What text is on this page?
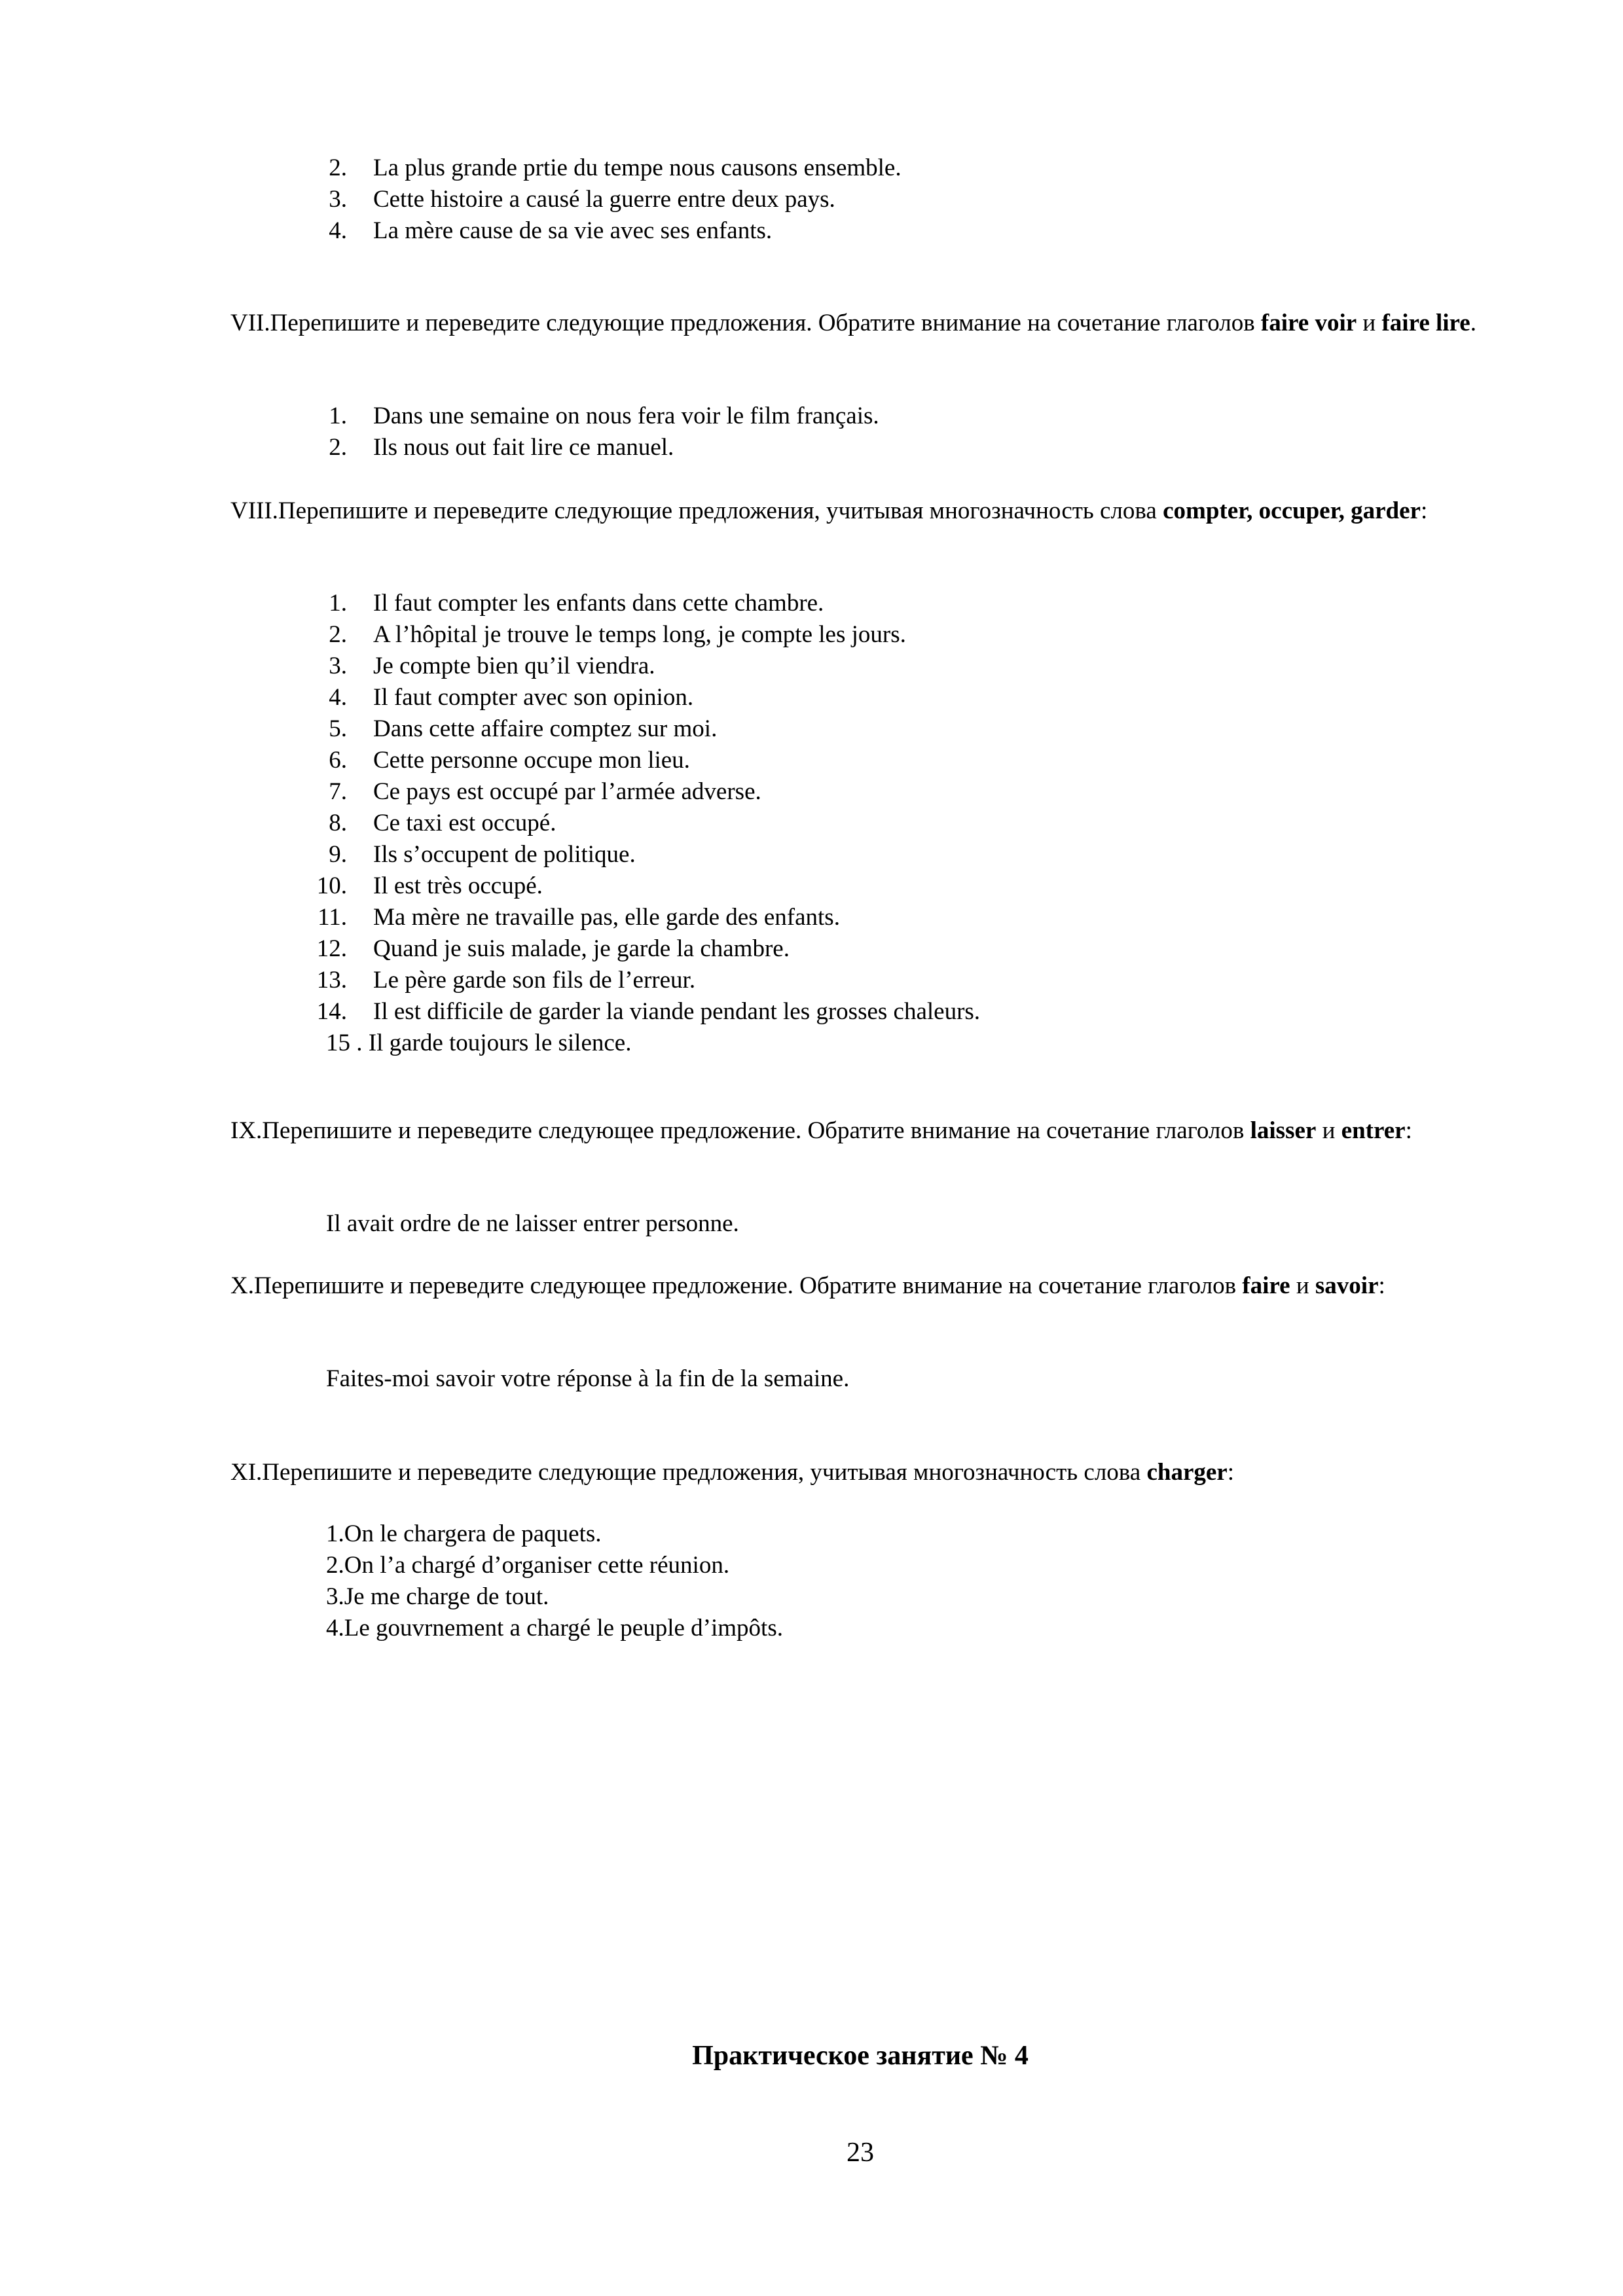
2. La plus grande prtie du tempe nous causons ensemble.
3. Cette histoire a causé la guerre entre deux pays.
4. La mère cause de sa vie avec ses enfants.
VII.Перепишите и переведите следующие предложения. Обратите внимание на сочетание глаголов faire voir и faire lire.
1. Dans une semaine on nous fera voir le film français.
2. Ils nous out fait lire ce manuel.
VIII.Перепишите и переведите следующие предложения, учитывая многозначность слова compter, occuper, garder:
1. Il faut compter les enfants dans cette chambre.
2. A l’hôpital je trouve le temps long, je compte les jours.
3. Je compte bien qu’il viendra.
4. Il faut compter avec son opinion.
5. Dans cette affaire comptez sur moi.
6. Cette personne occupe mon lieu.
7. Ce pays est occupé par l’armée adverse.
8. Ce taxi est occupé.
9. Ils s’occupent de politique.
10. Il est très occupé.
11. Ma mère ne travaille pas, elle garde des enfants.
12. Quand je suis malade, je garde la chambre.
13. Le père garde son fils de l’erreur.
14. Il est difficile de garder la viande pendant les grosses chaleurs.
15 . Il garde toujours le silence.
IX.Перепишите и переведите следующее предложение. Обратите внимание на сочетание глаголов laisser и entrer:
Il avait ordre de ne laisser entrer personne.
X.Перепишите и переведите следующее предложение. Обратите внимание на сочетание глаголов faire и savoir:
Faites-moi savoir votre réponse à la fin de la semaine.
XI.Перепишите и переведите следующие предложения, учитывая многозначность слова charger:
1.On le chargera de paquets.
2.On l’a chargé d’organiser cette réunion.
3.Je me charge de tout.
4.Le gouvrnement a chargé le peuple d’impôts.
Практическое занятие № 4
23
